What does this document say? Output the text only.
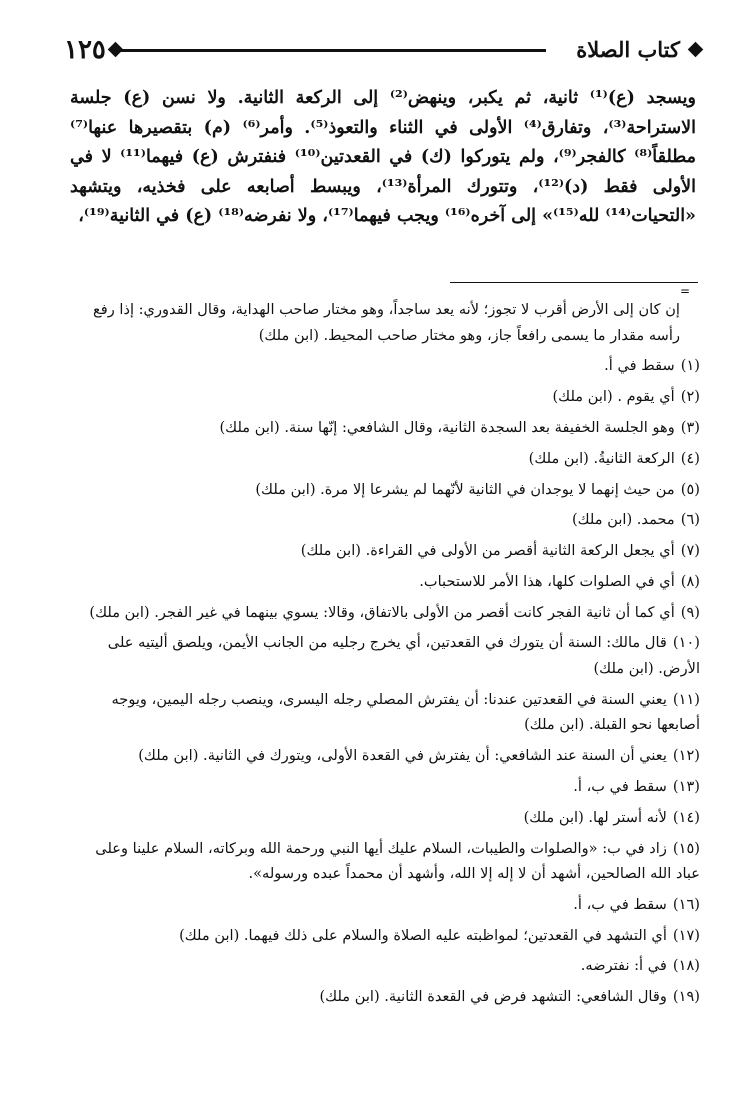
١٢٥	كتاب الصلاة

ويسجد (ع)⁽¹⁾ ثانية، ثم يكبر، وينهض⁽²⁾ إلى الركعة الثانية. ولا نسن (ع) جلسة الاستراحة⁽³⁾، وتفارق⁽⁴⁾ الأولى في الثناء والتعوذ⁽⁵⁾. وأمر⁽⁶⁾ (م) بتقصيرها عنها⁽⁷⁾ مطلقاً⁽⁸⁾ كالفجر⁽⁹⁾، ولم يتوركوا (ك) في القعدتين⁽¹⁰⁾ فنفترش (ع) فيهما⁽¹¹⁾ لا في الأولى فقط (د)⁽¹²⁾، وتتورك المرأة⁽¹³⁾، ويبسط أصابعه على فخذيه، ويتشهد «التحيات⁽¹⁴⁾ لله⁽¹⁵⁾» إلى آخره⁽¹⁶⁾ ويجب فيهما⁽¹⁷⁾، ولا نفرضه⁽¹⁸⁾ (ع) في الثانية⁽¹⁹⁾،

=
إن كان إلى الأرض أقرب لا تجوز؛ لأنه يعد ساجداً، وهو مختار صاحب الهداية، وقال القدوري: إذا رفع رأسه مقدار ما يسمى رافعاً جاز، وهو مختار صاحب المحيط. (ابن ملك)
(١)سقط في أ.
(٢)أي يقوم . (ابن ملك)
(٣)وهو الجلسة الخفيفة بعد السجدة الثانية، وقال الشافعي: إنّها سنة. (ابن ملك)
(٤)الركعة الثانيةُ. (ابن ملك)
(٥)من حيث إنهما لا يوجدان في الثانية لأنّهما لم يشرعا إلا مرة. (ابن ملك)
(٦)محمد. (ابن ملك)
(٧)أي يجعل الركعة الثانية أقصر من الأولى في القراءة. (ابن ملك)
(٨)أي في الصلوات كلها، هذا الأمر للاستحباب.
(٩)أي كما أن ثانية الفجر كانت أقصر من الأولى بالاتفاق، وقالا: يسوي بينهما في غير الفجر. (ابن ملك)
(١٠)قال مالك: السنة أن يتورك في القعدتين، أي يخرج رجليه من الجانب الأيمن، ويلصق أليتيه على الأرض. (ابن ملك)
(١١)يعني السنة في القعدتين عندنا: أن يفترش المصلي رجله اليسرى، وينصب رجله اليمين، ويوجه أصابعها نحو القبلة. (ابن ملك)
(١٢)يعني أن السنة عند الشافعي: أن يفترش في القعدة الأولى، ويتورك في الثانية. (ابن ملك)
(١٣)سقط في ب، أ.
(١٤)لأنه أستر لها. (ابن ملك)
(١٥)زاد في ب: «والصلوات والطيبات، السلام عليك أيها النبي ورحمة الله وبركاته، السلام علينا وعلى عباد الله الصالحين، أشهد أن لا إله إلا الله، وأشهد أن محمداً عبده ورسوله».
(١٦)سقط في ب، أ.
(١٧)أي التشهد في القعدتين؛ لمواظبته عليه الصلاة والسلام على ذلك فيهما. (ابن ملك)
(١٨)في أ: نفترضه.
(١٩)وقال الشافعي: التشهد فرض في القعدة الثانية. (ابن ملك)
